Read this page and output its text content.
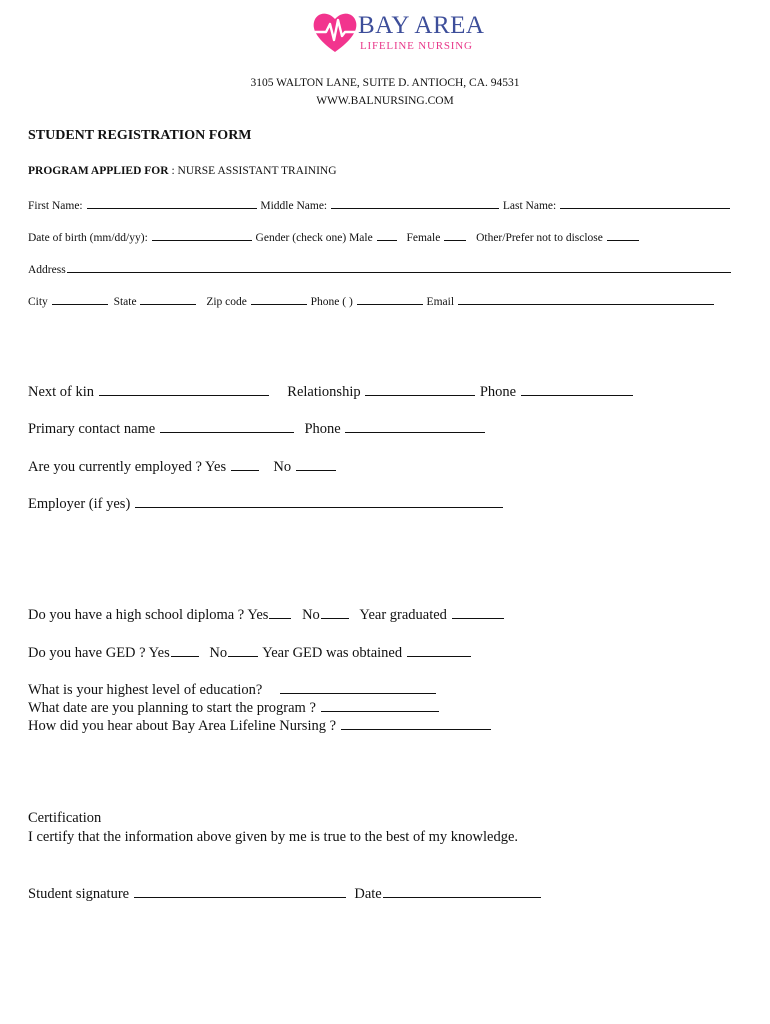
BAY AREA
LIFELINE NURSING
3105 WALTON LANE, SUITE D. ANTIOCH, CA. 94531
WWW.BALNURSING.COM
STUDENT REGISTRATION FORM
PROGRAM APPLIED FOR : NURSE ASSISTANT TRAINING
First Name:	Middle Name:	Last Name:
Date of birth (mm/dd/yy):	Gender (check one) Male	Female	Other/Prefer not to disclose
Address
City	State	Zip code	Phone ( )	Email
Next of kin	Relationship	Phone
Primary contact name	Phone
Are you currently employed ? Yes	No
Employer (if yes)
Do you have a high school diploma ? Yes No	Year graduated
Do you have GED ? Yes	No Year GED was obtained
What is your highest level of education?
What date are you planning to start the program ?
How did you hear about Bay Area Lifeline Nursing ?
Certification
I certify that the information above given by me is true to the best of my knowledge.
Student signature	Date
